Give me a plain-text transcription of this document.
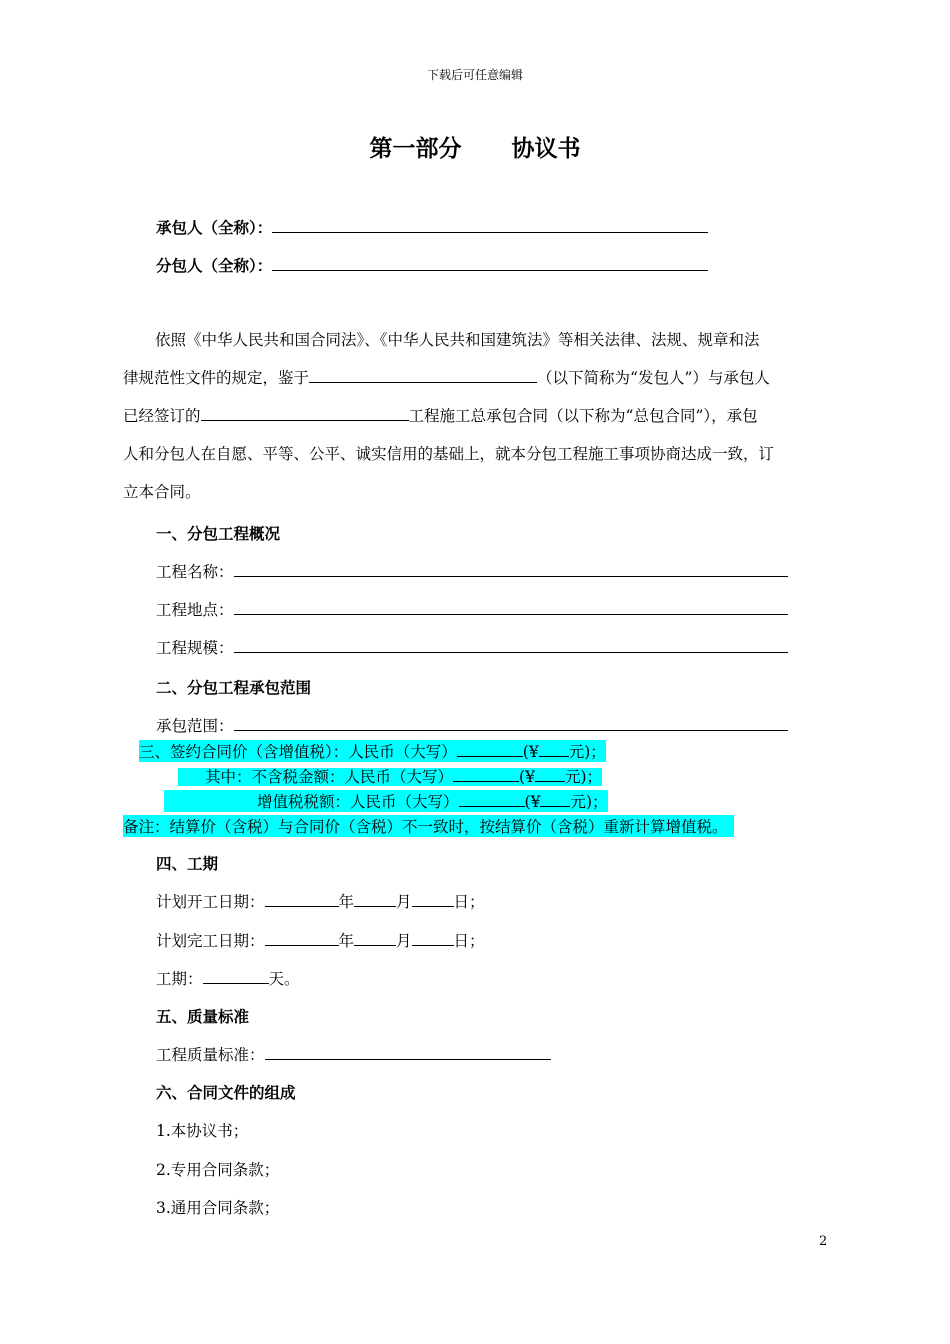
下载后可任意编辑
第一部分 协议书
承包人（全称）：
分包人（全称）：
依照《中华人民共和国合同法》、《中华人民共和国建筑法》等相关法律、法规、规章和法
律规范性文件的规定，鉴于	（以下简称为“发包人”）与承包人
已经签订的	工程施工总承包合同（以下称为“总包合同”），承包
人和分包人在自愿、平等、公平、诚实信用的基础上，就本分包工程施工事项协商达成一致，订
立本合同。
一、分包工程概况
工程名称：
工程地点：
工程规模：
二、分包工程承包范围
承包范围：
三、签约合同价（含增值税）：人民币（大写）	(¥ 元)；
其中：不含税金额：人民币（大写）	(¥ 元)；
增值税税额：人民币（大写）	(¥ 元)；
备注：结算价（含税）与合同价（含税）不一致时，按结算价（含税）重新计算增值税。
四、工期
计划开工日期：	年	月	日；
计划完工日期：	年	月	日；
工期：	天。
五、质量标准
工程质量标准：
六、合同文件的组成
1.本协议书；
2.专用合同条款；
3.通用合同条款；
2
